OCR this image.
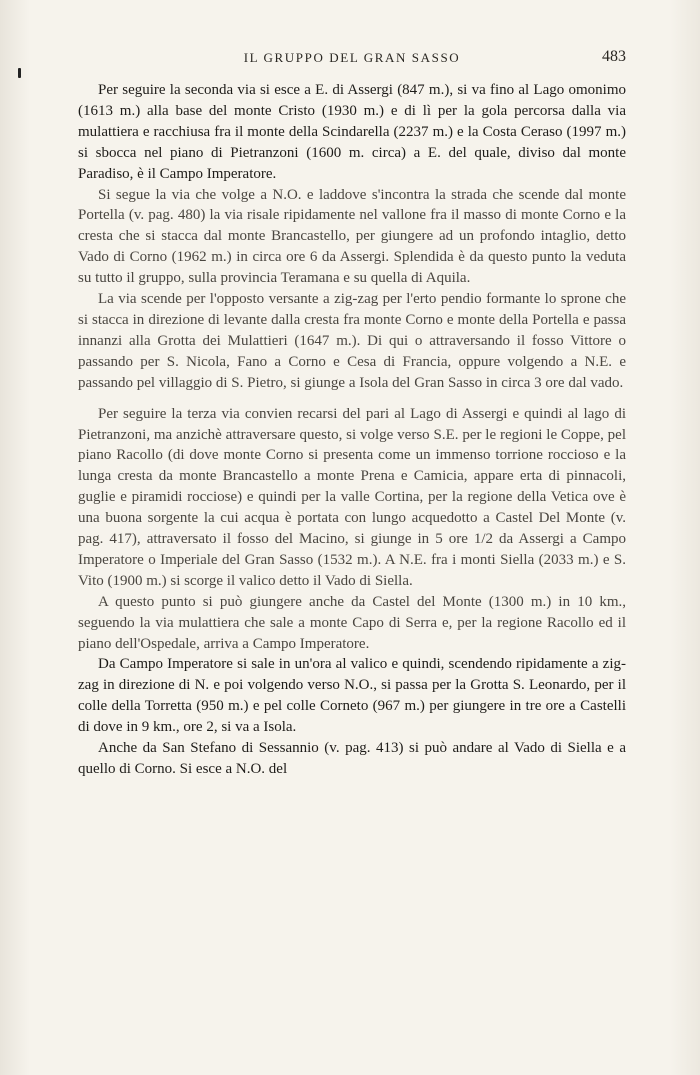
IL GRUPPO DEL GRAN SASSO	483

Per seguire la seconda via si esce a E. di Assergi (847 m.), si va fino al Lago omonimo (1613 m.) alla base del monte Cristo (1930 m.) e di lì per la gola percorsa dalla via mulattiera e racchiusa fra il monte della Scindarella (2237 m.) e la Costa Ceraso (1997 m.) si sbocca nel piano di Pietranzoni (1600 m. circa) a E. del quale, diviso dal monte Paradiso, è il Campo Imperatore.

Si segue la via che volge a N.O. e laddove s'incontra la strada che scende dal monte Portella (v. pag. 480) la via risale ripidamente nel vallone fra il masso di monte Corno e la cresta che si stacca dal monte Brancastello, per giungere ad un profondo intaglio, detto Vado di Corno (1962 m.) in circa ore 6 da Assergi. Splendida è da questo punto la veduta su tutto il gruppo, sulla provincia Teramana e su quella di Aquila.

La via scende per l'opposto versante a zig-zag per l'erto pendio formante lo sprone che si stacca in direzione di levante dalla cresta fra monte Corno e monte della Portella e passa innanzi alla Grotta dei Mulattieri (1647 m.). Di qui o attraversando il fosso Vittore o passando per S. Nicola, Fano a Corno e Cesa di Francia, oppure volgendo a N.E. e passando pel villaggio di S. Pietro, si giunge a Isola del Gran Sasso in circa 3 ore dal vado.

Per seguire la terza via convien recarsi del pari al Lago di Assergi e quindi al lago di Pietranzoni, ma anzichè attraversare questo, si volge verso S.E. per le regioni le Coppe, pel piano Racollo (di dove monte Corno si presenta come un immenso torrione roccioso e la lunga cresta da monte Brancastello a monte Prena e Camicia, appare erta di pinnacoli, guglie e piramidi rocciose) e quindi per la valle Cortina, per la regione della Vetica ove è una buona sorgente la cui acqua è portata con lungo acquedotto a Castel Del Monte (v. pag. 417), attraversato il fosso del Macino, si giunge in 5 ore 1/2 da Assergi a Campo Imperatore o Imperiale del Gran Sasso (1532 m.). A N.E. fra i monti Siella (2033 m.) e S. Vito (1900 m.) si scorge il valico detto il Vado di Siella.

A questo punto si può giungere anche da Castel del Monte (1300 m.) in 10 km., seguendo la via mulattiera che sale a monte Capo di Serra e, per la regione Racollo ed il piano dell'Ospedale, arriva a Campo Imperatore.

Da Campo Imperatore si sale in un'ora al valico e quindi, scendendo ripidamente a zig-zag in direzione di N. e poi volgendo verso N.O., si passa per la Grotta S. Leonardo, per il colle della Torretta (950 m.) e pel colle Corneto (967 m.) per giungere in tre ore a Castelli di dove in 9 km., ore 2, si va a Isola.

Anche da San Stefano di Sessannio (v. pag. 413) si può andare al Vado di Siella e a quello di Corno. Si esce a N.O. del
